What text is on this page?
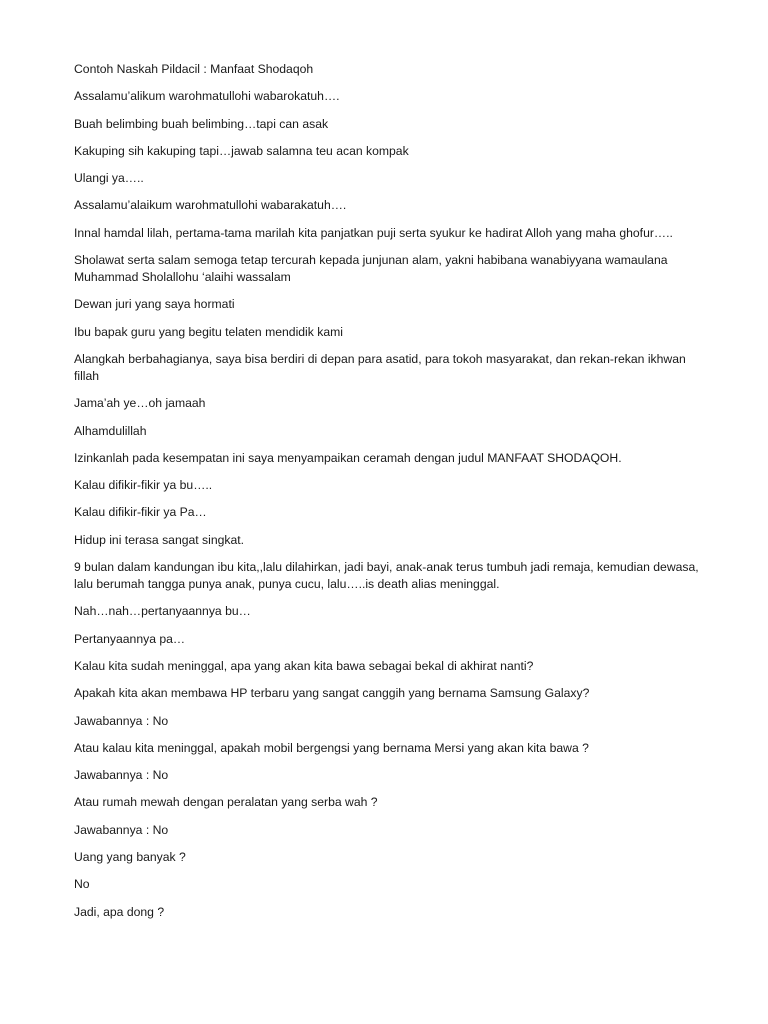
Contoh Naskah Pildacil : Manfaat Shodaqoh

Assalamu’alikum warohmatullohi wabarokatuh….

Buah belimbing buah belimbing…tapi can asak

Kakuping sih kakuping tapi…jawab salamna teu acan kompak

Ulangi ya…..

Assalamu’alaikum warohmatullohi wabarakatuh….

Innal hamdal lilah, pertama-tama marilah kita panjatkan puji serta syukur ke hadirat Alloh yang maha ghofur…..

Sholawat serta salam semoga tetap tercurah kepada junjunan alam, yakni habibana wanabiyyana wamaulana Muhammad Sholallohu ‘alaihi wassalam

Dewan juri yang saya hormati

Ibu bapak guru yang begitu telaten mendidik kami

Alangkah berbahagianya, saya bisa berdiri di depan para asatid, para tokoh masyarakat, dan rekan-rekan ikhwan fillah

Jama’ah ye…oh jamaah

Alhamdulillah

Izinkanlah pada kesempatan ini saya menyampaikan ceramah dengan judul MANFAAT SHODAQOH.

Kalau difikir-fikir ya bu…..

Kalau difikir-fikir ya Pa…

Hidup ini terasa sangat singkat.

9 bulan dalam kandungan ibu kita,,lalu dilahirkan, jadi bayi, anak-anak terus tumbuh jadi remaja, kemudian dewasa, lalu berumah tangga punya anak, punya cucu, lalu…..is death alias meninggal.

Nah…nah…pertanyaannya bu…

Pertanyaannya pa…

Kalau kita sudah meninggal, apa yang akan kita bawa sebagai bekal di akhirat nanti?

Apakah kita akan membawa HP terbaru yang sangat canggih yang bernama Samsung Galaxy?

Jawabannya : No

Atau kalau kita meninggal, apakah mobil bergengsi yang bernama Mersi yang akan kita bawa ?

Jawabannya : No

Atau rumah mewah dengan peralatan yang serba wah ?

Jawabannya : No

Uang yang banyak ?

No

Jadi, apa dong ?
